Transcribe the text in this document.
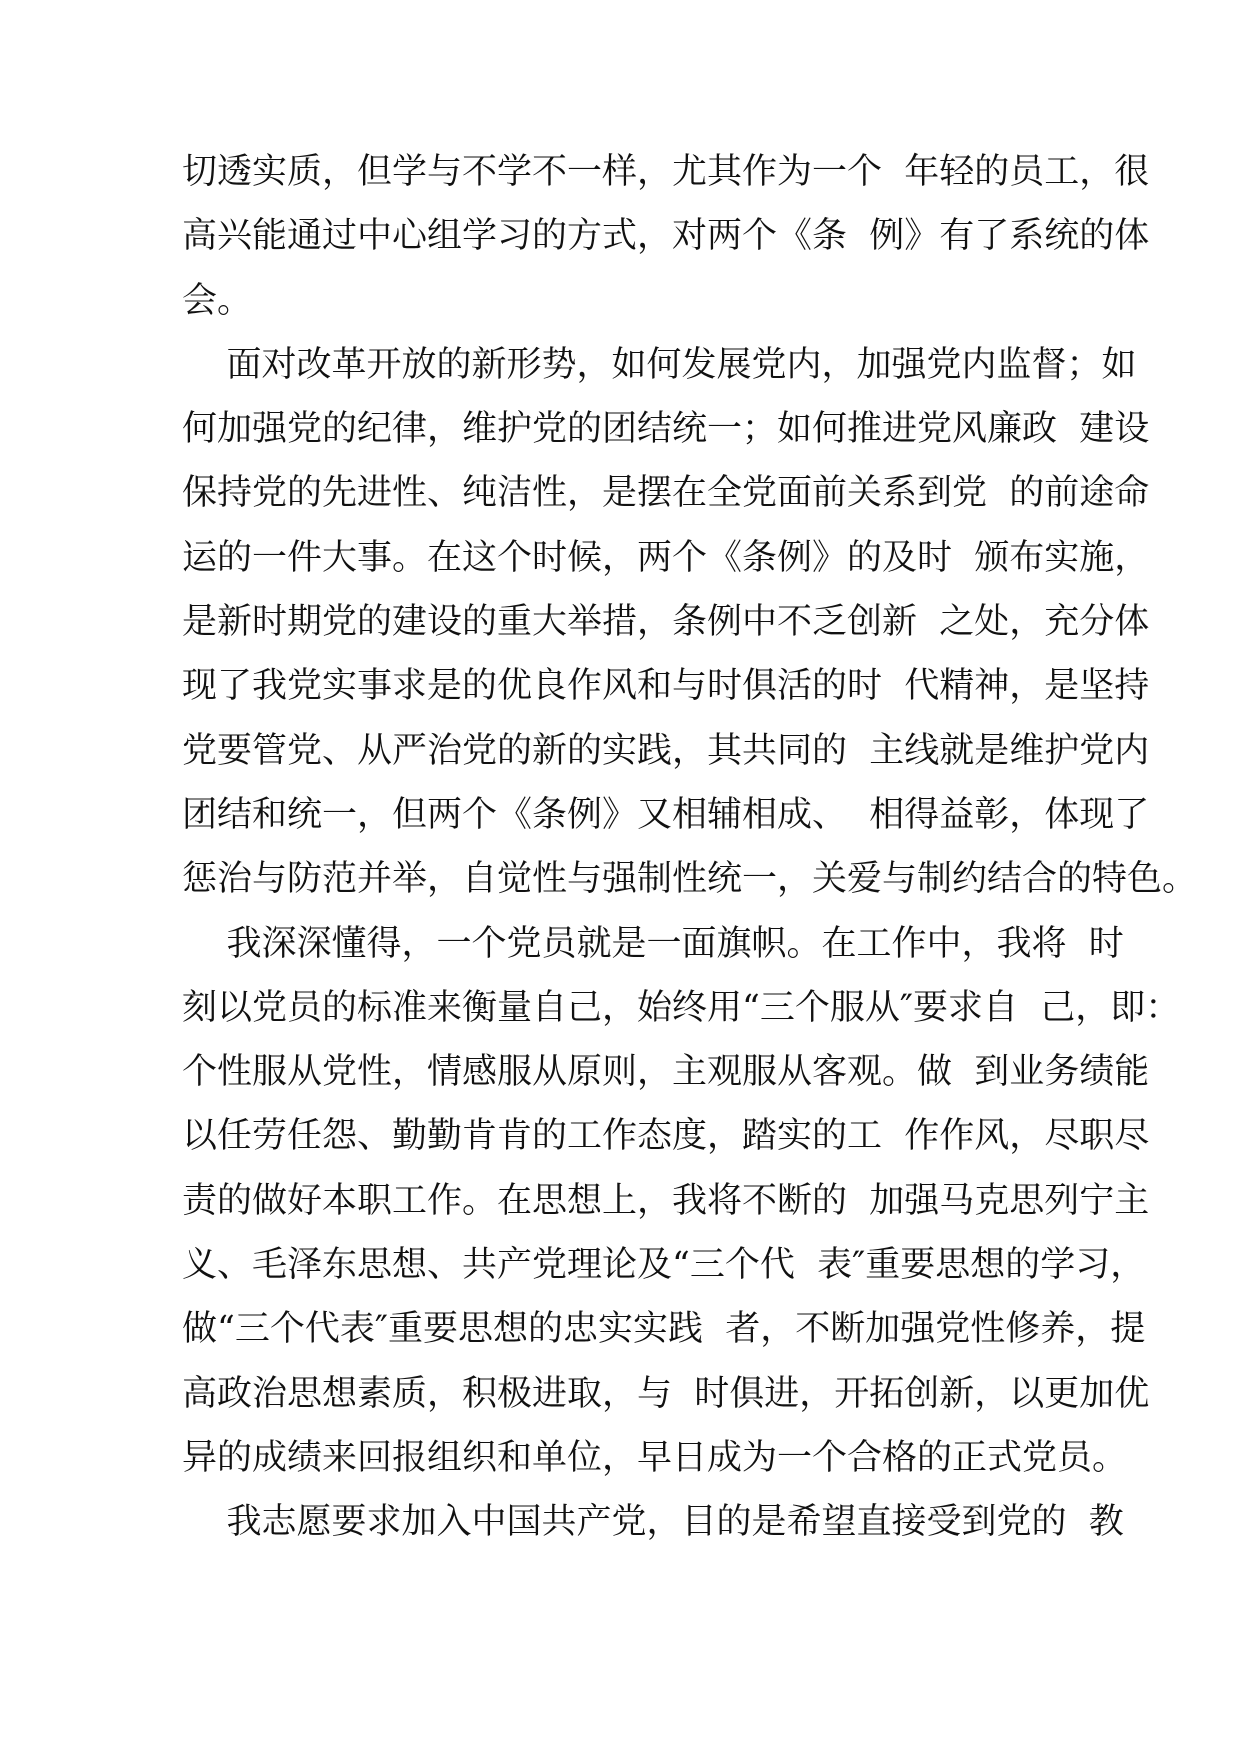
切透实质，但学与不学不一样，尤其作为一个  年轻的员工，很
高兴能通过中心组学习的方式，对两个《条  例》有了系统的体
会。
面对改革开放的新形势，如何发展党内，加强党内监督；如
何加强党的纪律，维护党的团结统一；如何推进党风廉政  建设
保持党的先进性、纯洁性，是摆在全党面前关系到党  的前途命
运的一件大事。在这个时候，两个《条例》的及时  颁布实施，
是新时期党的建设的重大举措，条例中不乏创新  之处，充分体
现了我党实事求是的优良作风和与时俱活的时  代精神，是坚持
党要管党、从严治党的新的实践，其共同的  主线就是维护党内
团结和统一，但两个《条例》又相辅相成、  相得益彰，体现了
惩治与防范并举，自觉性与强制性统一，关爱与制约结合的特色。
我深深懂得，一个党员就是一面旗帜。在工作中，我将  时
刻以党员的标准来衡量自己，始终用“三个服从″要求自  己，即：
个性服从党性，情感服从原则，主观服从客观。做  到业务绩能
以任劳任怨、勤勤肯肯的工作态度，踏实的工  作作风，尽职尽
责的做好本职工作。在思想上，我将不断的  加强马克思列宁主
义、毛泽东思想、共产党理论及“三个代  表″重要思想的学习，
做“三个代表″重要思想的忠实实践  者，不断加强党性修养，提
高政治思想素质，积极进取，与  时俱进，开拓创新，以更加优
异的成绩来回报组织和单位，早日成为一个合格的正式党员。
我志愿要求加入中国共产党，目的是希望直接受到党的  教
